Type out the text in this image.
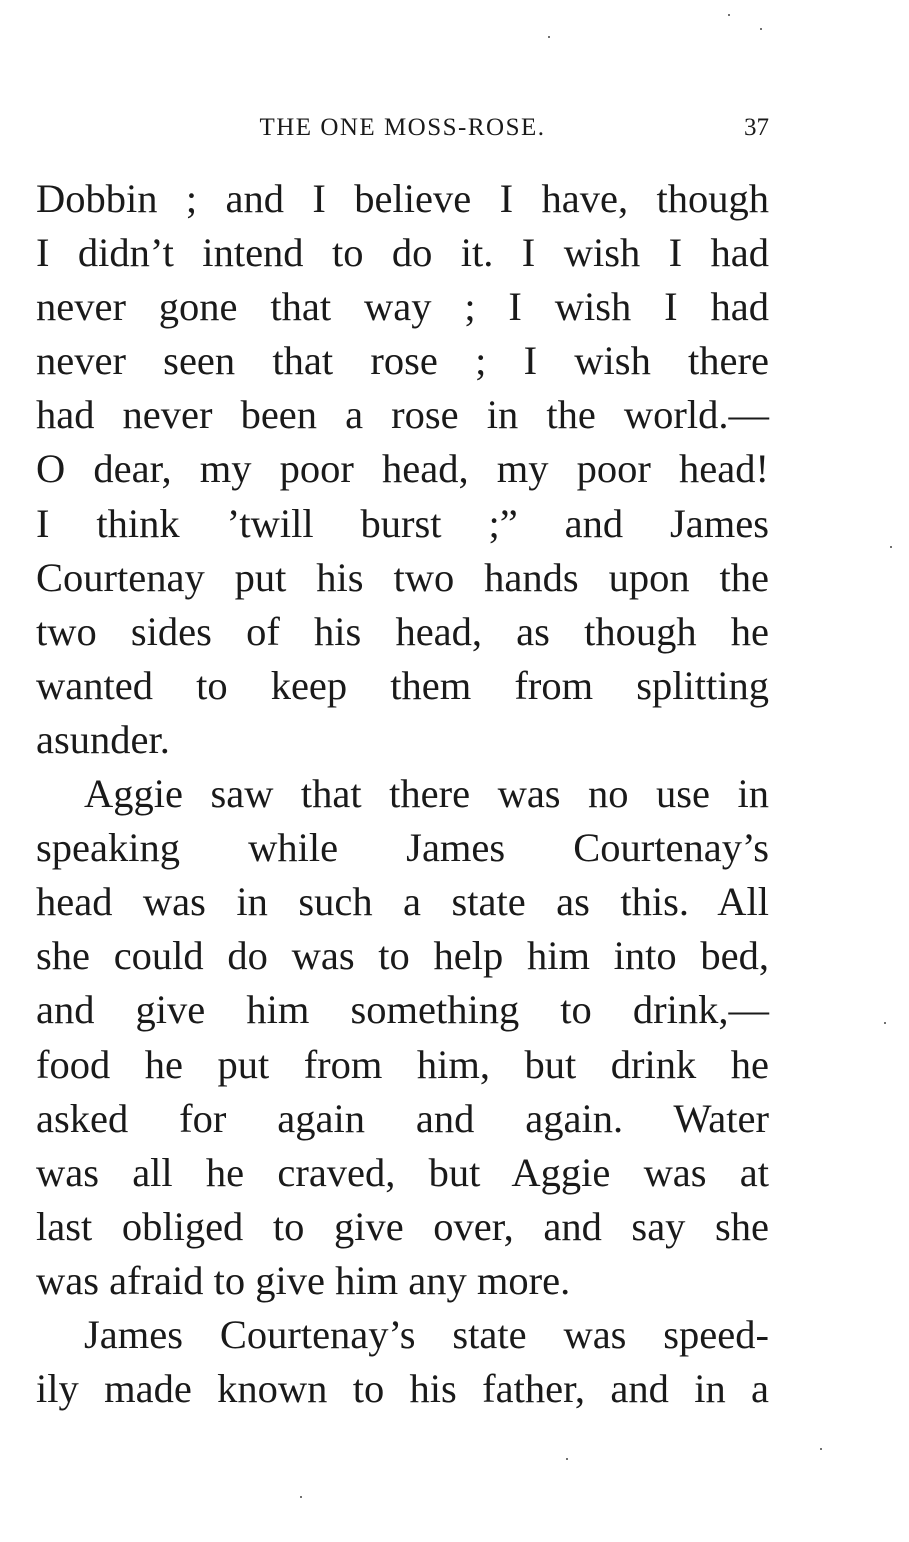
THE ONE MOSS-ROSE.	37
Dobbin ; and I believe I have, though
I didn’t intend to do it. I wish I had
never gone that way ; I wish I had
never seen that rose ; I wish there
had never been a rose in the world.—
O dear, my poor head, my poor head!
I think ’twill burst ;” and James
Courtenay put his two hands upon the
two sides of his head, as though he
wanted to keep them from splitting
asunder.
Aggie saw that there was no use in
speaking while James Courtenay’s
head was in such a state as this. All
she could do was to help him into bed,
and give him something to drink,—
food he put from him, but drink he
asked for again and again. Water
was all he craved, but Aggie was at
last obliged to give over, and say she
was afraid to give him any more.
James Courtenay’s state was speed-
ily made known to his father, and in a
